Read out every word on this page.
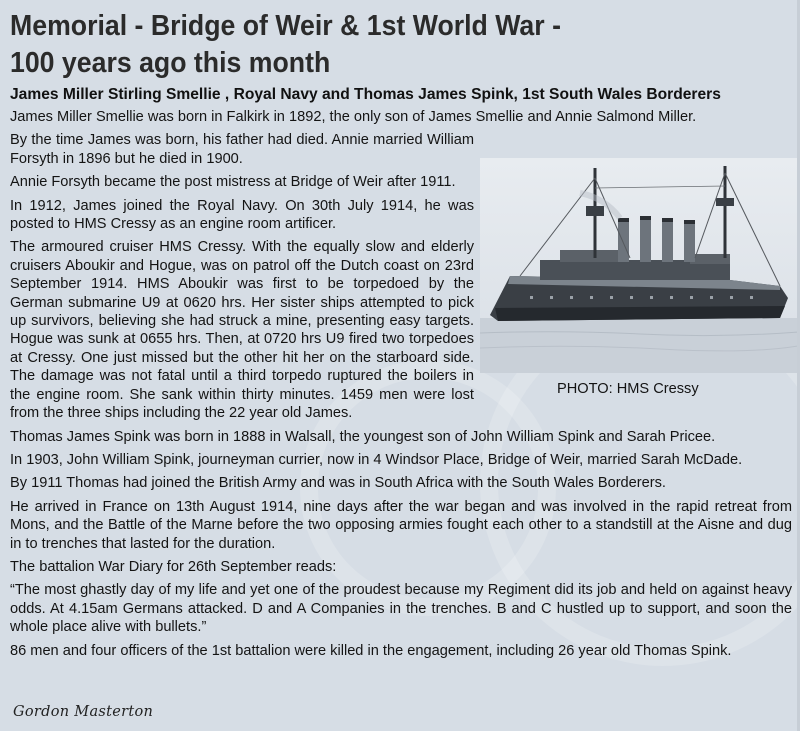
Memorial - Bridge of Weir & 1st World War -
100 years ago this month
James Miller Stirling Smellie , Royal Navy and Thomas James Spink, 1st South Wales Borderers

James Miller Smellie was born in Falkirk in 1892, the only son of James Smellie and Annie Salmond Miller.

PHOTO: HMS Cressy

By the time James was born, his father had died. Annie married William Forsyth in 1896 but he died in 1900.

Annie Forsyth became the post mistress at Bridge of Weir after 1911.

In 1912, James joined the Royal Navy. On 30th July 1914, he was posted to HMS Cressy as an engine room artificer.

The armoured cruiser HMS Cressy. With the equally slow and elderly cruisers Aboukir and Hogue, was on patrol off the Dutch coast on 23rd September 1914. HMS Aboukir was first to be torpedoed by the German submarine U9 at 0620 hrs. Her sister ships attempted to pick up survivors, believing she had struck a mine, presenting easy targets. Hogue was sunk at 0655 hrs. Then, at 0720 hrs U9 fired two torpedoes at Cressy. One just missed but the other hit her on the starboard side. The damage was not fatal until a third torpedo ruptured the boilers in the engine room. She sank within thirty minutes. 1459 men were lost from the three ships including the 22 year old James.

Thomas James Spink was born in 1888 in Walsall, the youngest son of John William Spink and Sarah Pricee.

In 1903, John William Spink, journeyman currier, now in 4 Windsor Place, Bridge of Weir, married Sarah McDade.

By 1911 Thomas had joined the British Army and was in South Africa with the South Wales Borderers.

He arrived in France on 13th August 1914, nine days after the war began and was involved in the rapid retreat from Mons, and the Battle of the Marne before the two opposing armies fought each other to a standstill at the Aisne and dug in to trenches that lasted for the duration.

The battalion War Diary for 26th September reads:

“The most ghastly day of my life and yet one of the proudest because my Regiment did its job and held on against heavy odds. At 4.15am Germans attacked. D and A Companies in the trenches. B and C hustled up to support, and soon the whole place alive with bullets.”

86 men and four officers of the 1st battalion were killed in the engagement, including 26 year old Thomas Spink.

Gordon Masterton
